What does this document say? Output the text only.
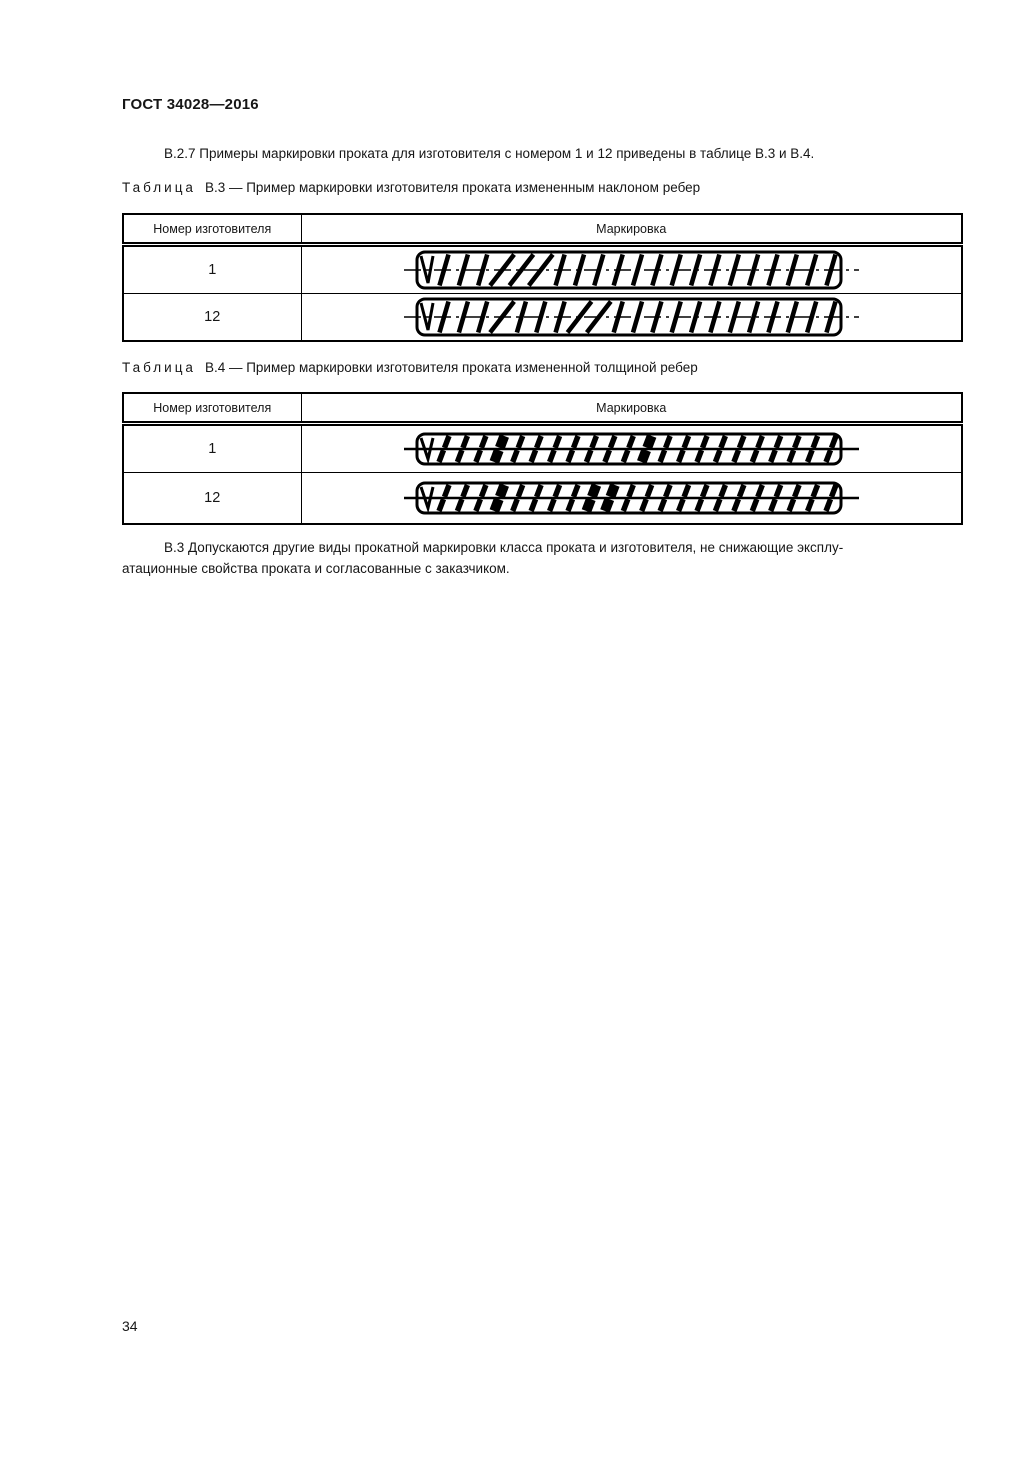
ГОСТ 34028—2016

В.2.7 Примеры маркировки проката для изготовителя с номером 1 и 12 приведены в таблице В.3 и В.4.

Таблица В.3 — Пример маркировки изготовителя проката измененным наклоном ребер
Номер изготовителя	Маркировка
1	
12	
Таблица В.4 — Пример маркировки изготовителя проката измененной толщиной ребер
Номер изготовителя	Маркировка
1	
12	
В.3 Допускаются другие виды прокатной маркировки класса проката и изготовителя, не снижающие эксплу-
атационные свойства проката и согласованные с заказчиком.
34
